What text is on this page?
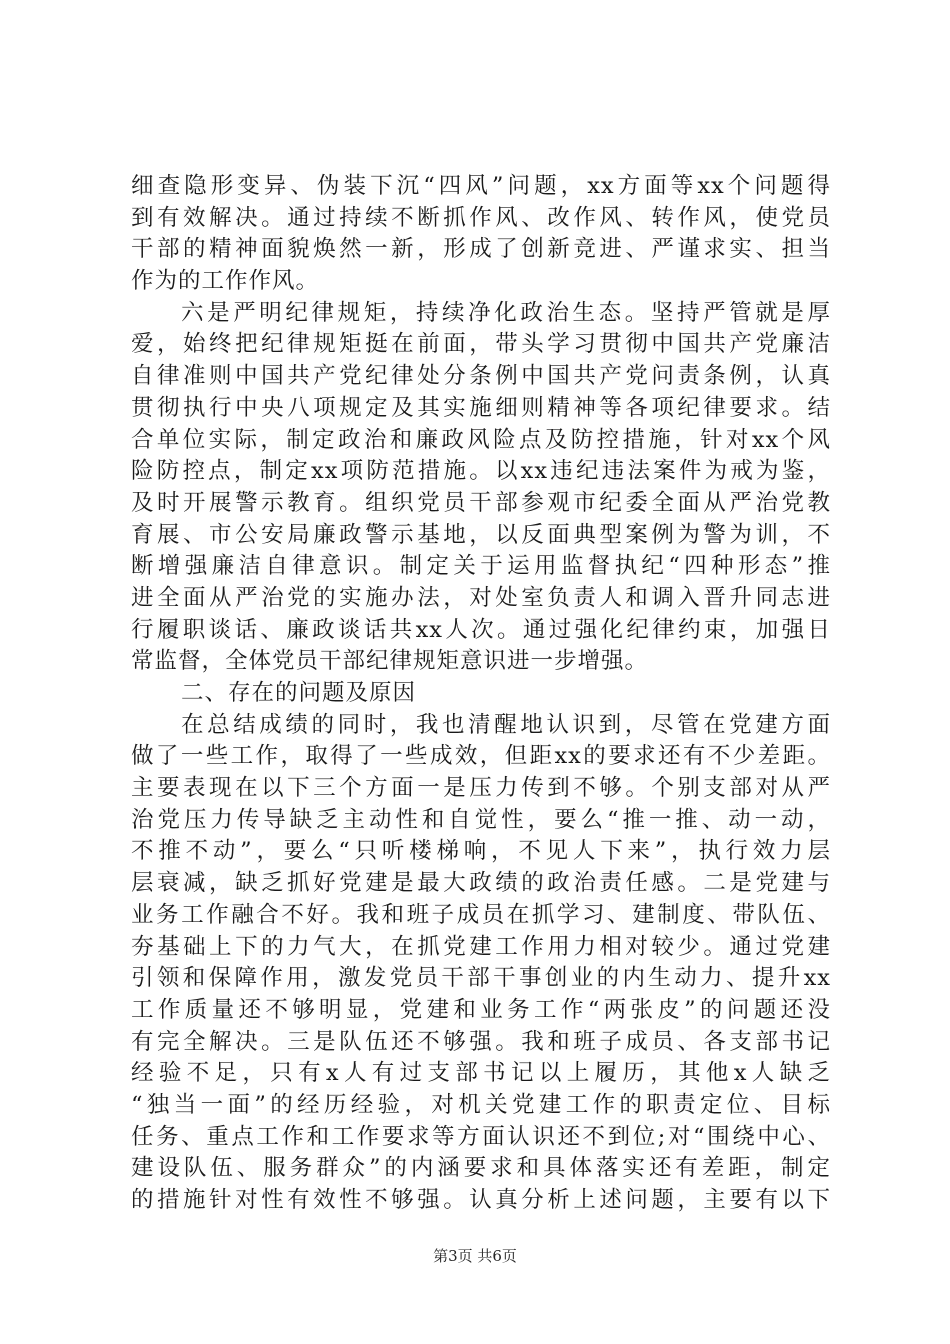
细查隐形变异、伪装下沉“四风”问题，xx方面等xx个问题得
到有效解决。通过持续不断抓作风、改作风、转作风，使党员
干部的精神面貌焕然一新，形成了创新竞进、严谨求实、担当
作为的工作作风。
六是严明纪律规矩，持续净化政治生态。坚持严管就是厚
爱，始终把纪律规矩挺在前面，带头学习贯彻中国共产党廉洁
自律准则中国共产党纪律处分条例中国共产党问责条例，认真
贯彻执行中央八项规定及其实施细则精神等各项纪律要求。结
合单位实际，制定政治和廉政风险点及防控措施，针对xx个风
险防控点，制定xx项防范措施。以xx违纪违法案件为戒为鉴，
及时开展警示教育。组织党员干部参观市纪委全面从严治党教
育展、市公安局廉政警示基地，以反面典型案例为警为训，不
断增强廉洁自律意识。制定关于运用监督执纪“四种形态”推
进全面从严治党的实施办法，对处室负责人和调入晋升同志进
行履职谈话、廉政谈话共xx人次。通过强化纪律约束，加强日
常监督，全体党员干部纪律规矩意识进一步增强。
二、存在的问题及原因
在总结成绩的同时，我也清醒地认识到，尽管在党建方面
做了一些工作，取得了一些成效，但距xx的要求还有不少差距。
主要表现在以下三个方面一是压力传到不够。个别支部对从严
治党压力传导缺乏主动性和自觉性，要么“推一推、动一动，
不推不动”，要么“只听楼梯响，不见人下来”，执行效力层
层衰减，缺乏抓好党建是最大政绩的政治责任感。二是党建与
业务工作融合不好。我和班子成员在抓学习、建制度、带队伍、
夯基础上下的力气大，在抓党建工作用力相对较少。通过党建
引领和保障作用，激发党员干部干事创业的内生动力、提升xx
工作质量还不够明显，党建和业务工作“两张皮”的问题还没
有完全解决。三是队伍还不够强。我和班子成员、各支部书记
经验不足，只有x人有过支部书记以上履历，其他x人缺乏
“独当一面”的经历经验，对机关党建工作的职责定位、目标
任务、重点工作和工作要求等方面认识还不到位;对“围绕中心、
建设队伍、服务群众”的内涵要求和具体落实还有差距，制定
的措施针对性有效性不够强。认真分析上述问题，主要有以下
第3页 共6页
